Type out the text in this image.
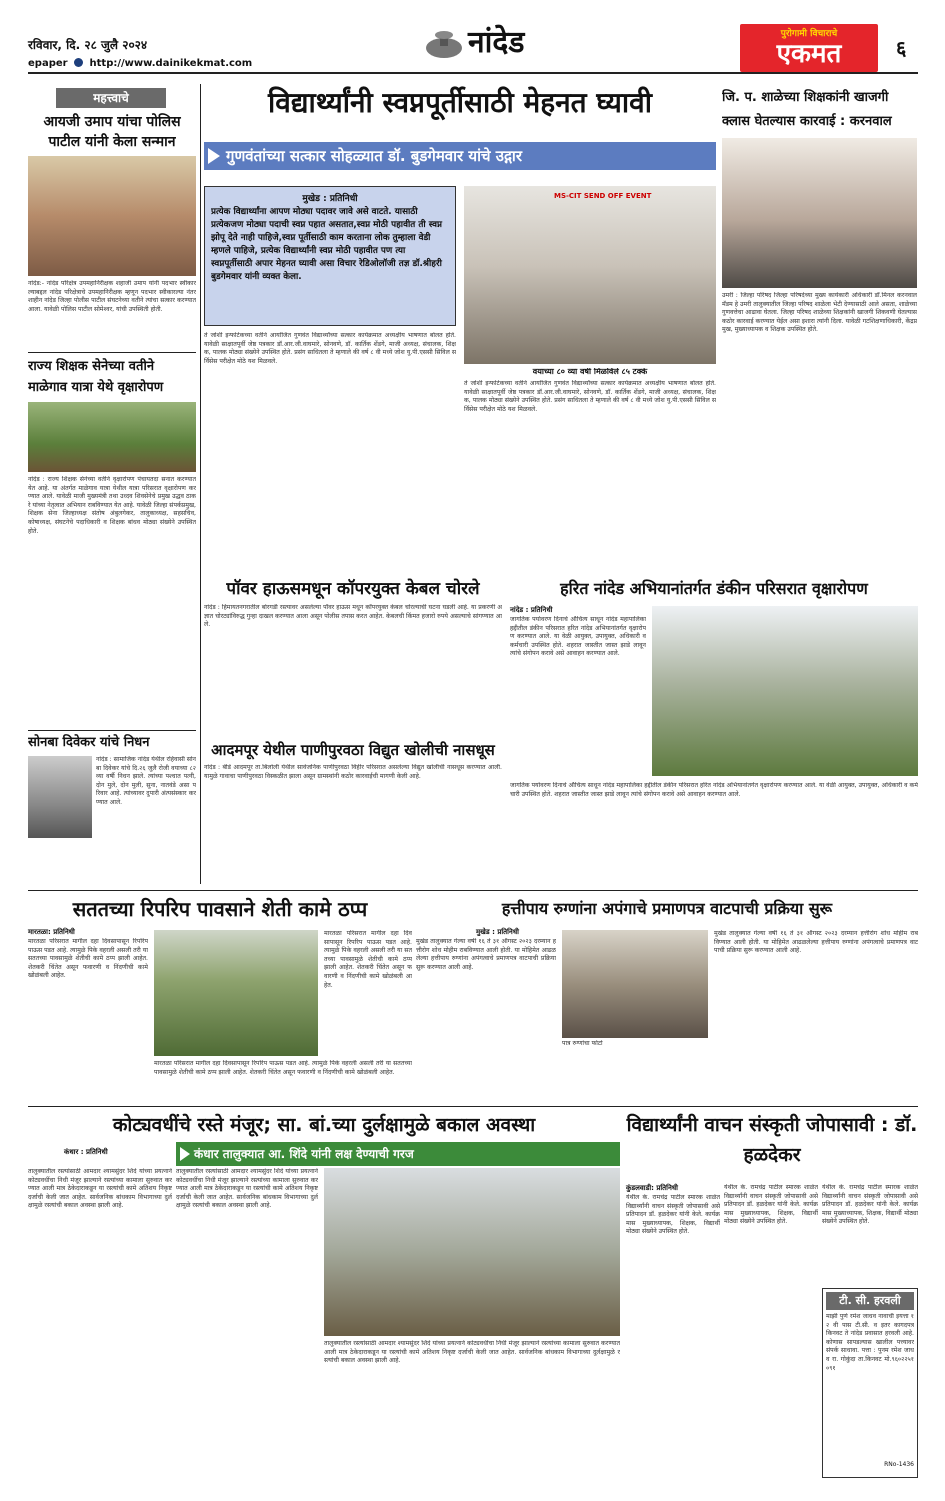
रविवार, दि. २८ जुलै २०२४	नांदेड	पुरोगामी विचाराचे
एकमत	६
epaper http://www.dainikekmat.com
महत्त्वाचे
आयजी उमाप यांचा पोलिस पाटील यांनी केला सन्मान
नांदेड:- नांदेड परिक्षेत्र उपमहानिरीक्षक शहाजी उमाप यांनी पदभार स्वीकारल्याबद्दल नांदेड परिक्षेत्राचे उपमहानिरीक्षक म्हणून पदभार स्वीकारल्या नंतर शाहीन नांदेड जिल्हा पोलीस पाटील संघटनेच्या वतीने त्यांचा सत्कार करण्यात आला. यावेळी पोलिस पाटील सोमेश्वर, यांची उपस्थिती होती.
राज्य शिक्षक सेनेच्या वतीने माळेगाव यात्रा येथे वृक्षारोपण
नांदेड : राज्य शिक्षक सेनेच्या वतीने वृक्षारोपण पंचायतदा सनात करण्यात येत आहे. या अंतर्गत माळेगाव यात्रा येथील यात्रा परिसरात वृक्षारोपण करण्यात आले. यावेळी माजी मुख्यमंत्री तथा उध्दव शिवसेनेचे प्रमुख उद्धव ठाकरे यांच्या नेतृत्वात अभियान राबविण्यात येत आहे. यावेळी जिल्हा संपर्कप्रमुख, शिक्षक सेना जिल्हाध्यक्ष संतोष अंबुलगेकर, तालुकाध्यक्ष, सहसचिव, कोषाध्यक्ष, संघटनेचे पदाधिकारी व शिक्षक बांधव मोठ्या संख्येने उपस्थित होते.
सोनबा दिवेकर यांचे निधन
नांदेड : सामाजिक नांदेड येथील रहिवासी सोनबा दिवेकर यांचे दि.२६ जुलै रोजी वयाच्या ८२ व्या वर्षी निधन झाले. त्यांच्या पश्चात पत्नी, दोन मुले, दोन मुली, सुना, नातवंडे असा परिवार आहे. त्यांच्यावर दुपारी अंत्यसंस्कार करण्यात आले.
विद्यार्थ्यांनी स्वप्नपूर्तीसाठी मेहनत घ्यावी
गुणवंतांच्या सत्कार सोहळ्यात डॉ. बुडगेमवार यांचे उद्गार
मुखेड : प्रतिनिधी
प्रत्येक विद्यार्थ्यांना आपण मोठ्या पदावर जावे असे वाटते. यासाठी प्रत्येकजण मोठ्या पदाची स्वप्न पहात असतात,स्वप्न मोठी पहावीत ती स्वप्न झोपू देते नाही पाहिजे,स्वप्न पूर्तीसाठी काम करताना लोक तुम्हाला वेडी म्हणले पाहिजे, प्रत्येक विद्यार्थ्यांनी स्वप्न मोठी पहावीत पण त्या स्वप्नपूर्तीसाठी अपार मेहनत घ्यावी असा विचार रेडिओलॉजी तज्ञ डॉ.श्रीहरी बुडगेमवार यांनी व्यक्त केला.
MS-CIT SEND OFF EVENT
वयाच्या ८० व्या वर्षी मिळविले ८५ टक्के
ते जोशी इन्फोटेकच्या वतीने आयोजित गुणवंत विद्यार्थ्यांच्या सत्कार कार्यक्रमात अध्यक्षीय भाषणात बोलत होते. यावेळी साक्षातपूर्वी जेष्ठ पत्रकार डॉ.आर.जी.वाघमारे, सोनवणे, डॉ. कार्तिक शेंडगे, माजी अध्यक्ष, संचालक, शिक्षक, पालक मोठ्या संख्येने उपस्थित होते. प्रसंग साधितला ते म्हणाले की वर्ष ८ वी मध्ये जोश यु.पी.एससी सिविल सर्विसेस परीक्षेत मोठे यश मिळवले.
ते जोशी इन्फोटेकच्या वतीने आयोजित गुणवंत विद्यार्थ्यांच्या सत्कार कार्यक्रमात अध्यक्षीय भाषणात बोलत होते. यावेळी साक्षातपूर्वी जेष्ठ पत्रकार डॉ.आर.जी.वाघमारे, सोनवणे, डॉ. कार्तिक शेंडगे, माजी अध्यक्ष, संचालक, शिक्षक, पालक मोठ्या संख्येने उपस्थित होते. प्रसंग साधितला ते म्हणाले की वर्ष ८ वी मध्ये जोश यु.पी.एससी सिविल सर्विसेस परीक्षेत मोठे यश मिळवले.
जि. प. शाळेच्या शिक्षकांनी खाजगी क्लास घेतल्यास कारवाई : करनवाल
उमरी : जिल्हा परिषद जिल्हा परिषदेच्या मुख्य कार्यकारी अधिकारी डॉ.मिनल करनवाल मॅडम हे उमरी तालुक्यातील जिल्हा परिषद शाळेला भेटी देण्यासाठी आले असता, शाळेच्या गुणवत्तेचा आढावा घेतला. जिल्हा परिषद शाळेच्या शिक्षकांनी खाजगी शिकवणी घेतल्यास कठोर कारवाई करण्यात येईल असा इशारा त्यांनी दिला. यावेळी गटशिक्षणाधिकारी, केंद्रप्रमुख, मुख्याध्यापक व शिक्षक उपस्थित होते.
पॉवर हाऊसमधून कॉपरयुक्त केबल चोरले
नांदेड : हिमायतनगरातील बोरगडी रस्त्यावर असलेल्या पॉवर हाऊस मधून कॉपरयुक्त केबल चोरल्याची घटना घडली आहे. या प्रकरणी अज्ञात चोरट्यांविरुद्ध गुन्हा दाखल करण्यात आला असून पोलीस तपास करत आहेत. केबलची किंमत हजारो रुपये असल्याचे सांगण्यात आले.
आदमपूर येथील पाणीपुरवठा विद्युत खोलीची नासधूस
नांदेड : बीडे आदमपूर ता.बिलोली येथील सार्वजनिक पाणीपुरवठा विहीर परिसरात असलेल्या विद्युत खोलीची नासधूस करण्यात आली. यामुळे गावाचा पाणीपुरवठा विस्कळीत झाला असून ग्रामस्थांनी कठोर कारवाईची मागणी केली आहे.
हरित नांदेड अभियानांतर्गत डंकीन परिसरात वृक्षारोपण
नांदेड : प्रतिनिधी
जागतिक पर्यावरण दिनाचे औचित्य साधून नांदेड महापालिका हद्दीतील डंकीन परिसरात हरित नांदेड अभियानांतर्गत वृक्षारोपण करण्यात आले. या वेळी आयुक्त, उपायुक्त, अधिकारी व कर्मचारी उपस्थित होते. शहरात जास्तीत जास्त झाडे लावून त्यांचे संगोपन करावे असे आवाहन करण्यात आले.
जागतिक पर्यावरण दिनाचे औचित्य साधून नांदेड महापालिका हद्दीतील डंकीन परिसरात हरित नांदेड अभियानांतर्गत वृक्षारोपण करण्यात आले. या वेळी आयुक्त, उपायुक्त, अधिकारी व कर्मचारी उपस्थित होते. शहरात जास्तीत जास्त झाडे लावून त्यांचे संगोपन करावे असे आवाहन करण्यात आले.
सततच्या रिपरिप पावसाने शेती कामे ठप्प
मारतळा: प्रतिनिधी
मारतळा परिसरात मागील दहा दिवसापासून रिपरिप पाऊस पडत आहे. त्यामुळे पिके वहरली असली तरी या सततच्या पावसामुळे शेतीची कामे ठप्प झाली आहेत. शेतकरी चिंतेत असून फवारणी व निंदणीची कामे खोळंबली आहेत.
मारतळा परिसरात मागील दहा दिवसापासून रिपरिप पाऊस पडत आहे. त्यामुळे पिके वहरली असली तरी या सततच्या पावसामुळे शेतीची कामे ठप्प झाली आहेत. शेतकरी चिंतेत असून फवारणी व निंदणीची कामे खोळंबली आहेत.
मारतळा परिसरात मागील दहा दिवसापासून रिपरिप पाऊस पडत आहे. त्यामुळे पिके वहरली असली तरी या सततच्या पावसामुळे शेतीची कामे ठप्प झाली आहेत. शेतकरी चिंतेत असून फवारणी व निंदणीची कामे खोळंबली आहेत.
हत्तीपाय रुग्णांना अपंगाचे प्रमाणपत्र वाटपाची प्रक्रिया सुरू
मुखेड : प्रतिनिधी
मुखेड तालुक्यात गेल्या वर्षी १६ ते ३१ ऑगस्ट २०२३ दरम्यान हत्तीरोग शोध मोहीम राबविण्यात आली होती. या मोहिमेत आढळलेल्या हत्तीपाय रुग्णांना अपंगत्वाचे प्रमाणपत्र वाटपाची प्रक्रिया सुरू करण्यात आली आहे.
पात्र रुग्णांचा फोटो
मुखेड तालुक्यात गेल्या वर्षी १६ ते ३१ ऑगस्ट २०२३ दरम्यान हत्तीरोग शोध मोहीम राबविण्यात आली होती. या मोहिमेत आढळलेल्या हत्तीपाय रुग्णांना अपंगत्वाचे प्रमाणपत्र वाटपाची प्रक्रिया सुरू करण्यात आली आहे.
कोट्यवधींचे रस्ते मंजूर; सा. बां.च्या दुर्लक्षामुळे बकाल अवस्था
कंधार तालुक्यात आ. शिंदे यांनी लक्ष देण्याची गरज
कंधार : प्रतिनिधी
तालुक्यातील रस्त्यांसाठी आमदार श्यामसुंदर शिंदे यांच्या प्रयत्नाने कोट्यवधींचा निधी मंजूर झाल्याने रस्त्यांच्या कामाला सुरुवात करण्यात आली मात्र ठेकेदाराकडून या रस्त्यांची कामे अतिशय निकृष्ट दर्जाची केली जात आहेत. सार्वजनिक बांधकाम विभागाच्या दुर्लक्षामुळे रस्त्यांची बकाल अवस्था झाली आहे.
तालुक्यातील रस्त्यांसाठी आमदार श्यामसुंदर शिंदे यांच्या प्रयत्नाने कोट्यवधींचा निधी मंजूर झाल्याने रस्त्यांच्या कामाला सुरुवात करण्यात आली मात्र ठेकेदाराकडून या रस्त्यांची कामे अतिशय निकृष्ट दर्जाची केली जात आहेत. सार्वजनिक बांधकाम विभागाच्या दुर्लक्षामुळे रस्त्यांची बकाल अवस्था झाली आहे.
तालुक्यातील रस्त्यांसाठी आमदार श्यामसुंदर शिंदे यांच्या प्रयत्नाने कोट्यवधींचा निधी मंजूर झाल्याने रस्त्यांच्या कामाला सुरुवात करण्यात आली मात्र ठेकेदाराकडून या रस्त्यांची कामे अतिशय निकृष्ट दर्जाची केली जात आहेत. सार्वजनिक बांधकाम विभागाच्या दुर्लक्षामुळे रस्त्यांची बकाल अवस्था झाली आहे.
विद्यार्थ्यांनी वाचन संस्कृती जोपासावी : डॉ. हळदेकर
कुंडलवाडी: प्रतिनिधी
येथील के. रामचंद्र पाटील स्मारक शाळेत विद्यार्थ्यांनी वाचन संस्कृती जोपासावी असे प्रतिपादन डॉ. हळदेकर यांनी केले. कार्यक्रमास मुख्याध्यापक, शिक्षक, विद्यार्थी मोठ्या संख्येने उपस्थित होते.
येथील के. रामचंद्र पाटील स्मारक शाळेत विद्यार्थ्यांनी वाचन संस्कृती जोपासावी असे प्रतिपादन डॉ. हळदेकर यांनी केले. कार्यक्रमास मुख्याध्यापक, शिक्षक, विद्यार्थी मोठ्या संख्येने उपस्थित होते.
येथील के. रामचंद्र पाटील स्मारक शाळेत विद्यार्थ्यांनी वाचन संस्कृती जोपासावी असे प्रतिपादन डॉ. हळदेकर यांनी केले. कार्यक्रमास मुख्याध्यापक, शिक्षक, विद्यार्थी मोठ्या संख्येने उपस्थित होते.
टी. सी. हरवली
माझी पुणे रमेश जाधव नावाची इयत्ता १२ वी पास टी.सी. व इतर कागदपत्र किनवट ते नांदेड प्रवासात हरवली आहे. कोणास सापडल्यास खालील पत्त्यावर संपर्क साधावा. पत्ता : पुनम रमेश जाधव रा. गोकुंदा ता.किनवट मो.९६०२२५१०९१
RNo-1436
